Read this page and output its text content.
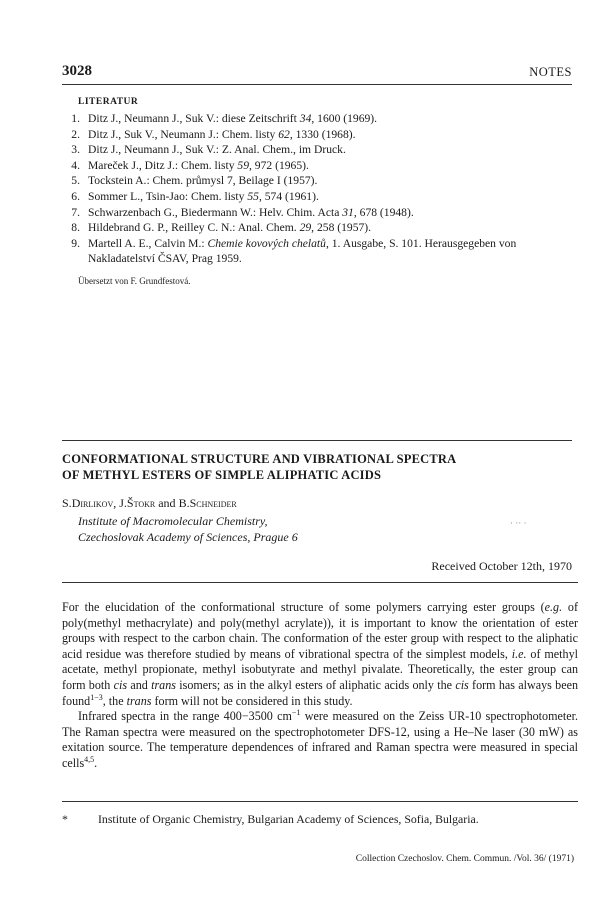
3028	NOTES
LITERATUR
1. Ditz J., Neumann J., Suk V.: diese Zeitschrift 34, 1600 (1969).
2. Ditz J., Suk V., Neumann J.: Chem. listy 62, 1330 (1968).
3. Ditz J., Neumann J., Suk V.: Z. Anal. Chem., im Druck.
4. Mareček J., Ditz J.: Chem. listy 59, 972 (1965).
5. Tockstein A.: Chem. průmysl 7, Beilage I (1957).
6. Sommer L., Tsin-Jao: Chem. listy 55, 574 (1961).
7. Schwarzenbach G., Biedermann W.: Helv. Chim. Acta 31, 678 (1948).
8. Hildebrand G. P., Reilley C. N.: Anal. Chem. 29, 258 (1957).
9. Martell A. E., Calvin M.: Chemie kovových chelatů, 1. Ausgabe, S. 101. Herausgegeben von Nakladatelství ČSAV, Prag 1959.
Übersetzt von F. Grundfestová.
CONFORMATIONAL STRUCTURE AND VIBRATIONAL SPECTRA
OF METHYL ESTERS OF SIMPLE ALIPHATIC ACIDS
S.Dirlikov, J.Štokr and B.Schneider
Institute of Macromolecular Chemistry,
Czechoslovak Academy of Sciences, Prague 6
· ·· ·
Received October 12th, 1970

For the elucidation of the conformational structure of some polymers carrying ester groups (e.g. of poly(methyl methacrylate) and poly(methyl acrylate)), it is important to know the orientation of ester groups with respect to the carbon chain. The conformation of the ester group with respect to the aliphatic acid residue was therefore studied by means of vibrational spectra of the simplest models, i.e. of methyl acetate, methyl propionate, methyl isobutyrate and methyl pivalate. Theoretically, the ester group can form both cis and trans isomers; as in the alkyl esters of aliphatic acids only the cis form has always been found$^{1-3}$, the trans form will not be considered in this study.

Infrared spectra in the range 400−3500 $cm^{-1}$ were measured on the Zeiss UR-10 spectrophotometer. The Raman spectra were measured on the spectrophotometer DFS-12, using a He–Ne laser (30 mW) as exitation source. The temperature dependences of infrared and Raman spectra were measured in special cells$^{4,5}$.

*	Institute of Organic Chemistry, Bulgarian Academy of Sciences, Sofia, Bulgaria.
Collection Czechoslov. Chem. Commun. /Vol. 36/ (1971)
